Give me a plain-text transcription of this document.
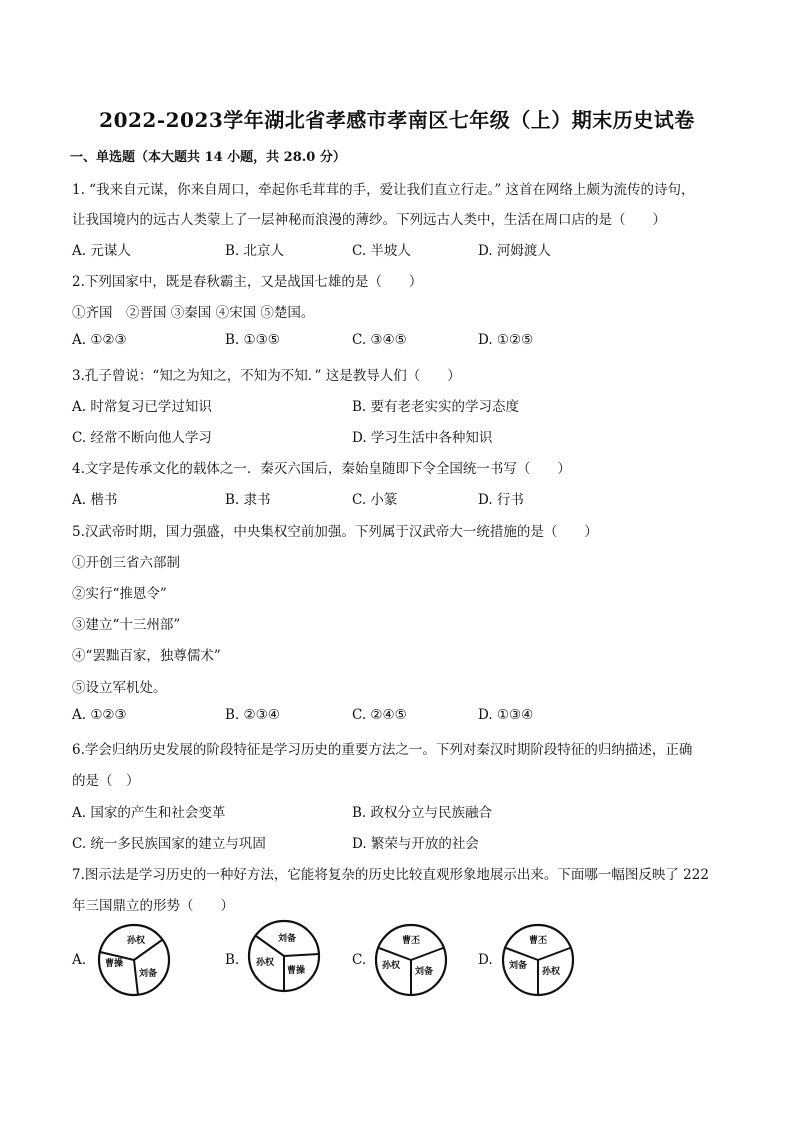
2022-2023学年湖北省孝感市孝南区七年级（上）期末历史试卷
一、单选题（本大题共 14 小题，共 28.0 分）
1. “我来自元谋，你来自周口，牵起你毛茸茸的手，爱让我们直立行走。” 这首在网络上颇为流传的诗句，
让我国境内的远古人类蒙上了一层神秘而浪漫的薄纱。下列远古人类中，生活在周口店的是（　　）
A. 元谋人	B. 北京人	C. 半坡人	D. 河姆渡人
2.下列国家中，既是春秋霸主，又是战国七雄的是（　　）
①齐国　②晋国 ③秦国 ④宋国 ⑤楚国。
A. ①②③	B. ①③⑤	C. ③④⑤	D. ①②⑤
3.孔子曾说：“知之为知之，不知为不知．” 这是教导人们（　　）
A. 时常复习已学过知识	B. 要有老老实实的学习态度
C. 经常不断向他人学习	D. 学习生活中各种知识
4.文字是传承文化的载体之一．秦灭六国后，秦始皇随即下令全国统一书写（　　）
A. 楷书	B. 隶书	C. 小篆	D. 行书
5.汉武帝时期，国力强盛，中央集权空前加强。下列属于汉武帝大一统措施的是（　　）
①开创三省六部制
②实行“推恩令”
③建立“十三州部”
④“罢黜百家，独尊儒术”
⑤设立军机处。
A. ①②③	B. ②③④	C. ②④⑤	D. ①③④
6.学会归纳历史发展的阶段特征是学习历史的重要方法之一。下列对秦汉时期阶段特征的归纳描述，正确
的是（　）
A. 国家的产生和社会变革	B. 政权分立与民族融合
C. 统一多民族国家的建立与巩固	D. 繁荣与开放的社会
7.图示法是学习历史的一种好方法，它能将复杂的历史比较直观形象地展示出来。下面哪一幅图反映了 222
年三国鼎立的形势（　　）
A.
孙权
曹操
刘备
B.
刘备
孙权
曹操
C.
曹丕
孙权
刘备
D.
曹丕
刘备
孙权
